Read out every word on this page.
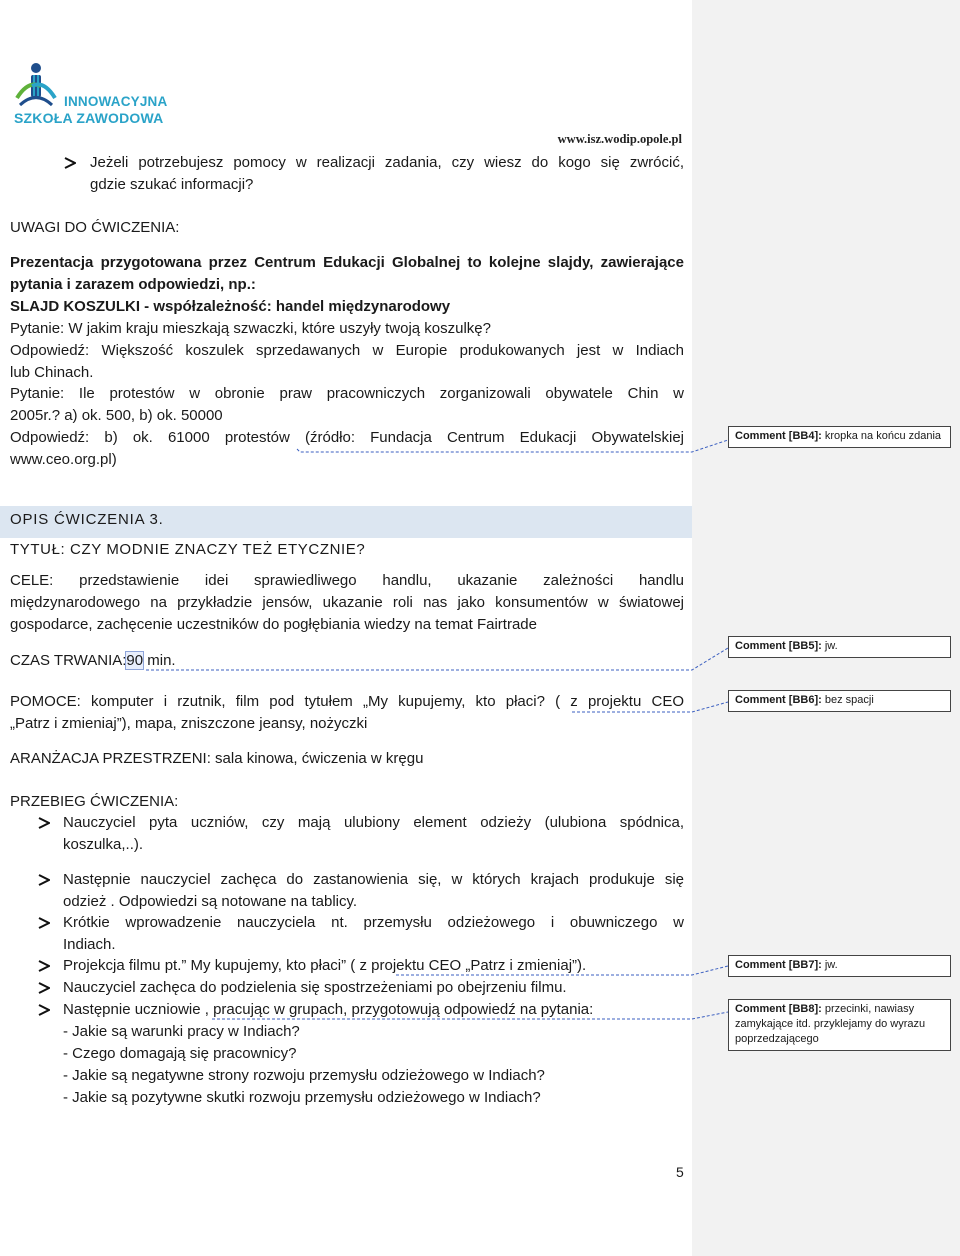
INNOWACYJNA
SZKOŁA ZAWODOWA
www.isz.wodip.opole.pl
Jeżeli potrzebujesz pomocy w realizacji zadania, czy wiesz do kogo się zwrócić,
gdzie szukać informacji?
UWAGI DO ĆWICZENIA:
Prezentacja przygotowana przez Centrum Edukacji Globalnej to kolejne slajdy, zawierające
pytania i zarazem odpowiedzi, np.:
SLAJD KOSZULKI - współzależność: handel międzynarodowy
Pytanie: W jakim kraju mieszkają szwaczki, które uszyły twoją koszulkę?
Odpowiedź: Większość koszulek sprzedawanych w Europie produkowanych jest w Indiach
lub Chinach.
Pytanie: Ile protestów w obronie praw pracowniczych zorganizowali obywatele Chin w
2005r.? a) ok. 500, b) ok. 50000
Odpowiedź: b) ok. 61000 protestów (źródło: Fundacja Centrum Edukacji Obywatelskiej
www.ceo.org.pl)
OPIS ĆWICZENIA 3.
TYTUŁ: CZY MODNIE ZNACZY TEŻ ETYCZNIE?
CELE: przedstawienie idei sprawiedliwego handlu, ukazanie zależności handlu
międzynarodowego na przykładzie jensów, ukazanie roli nas jako konsumentów w światowej
gospodarce, zachęcenie uczestników do pogłębiania wiedzy na temat Fairtrade
CZAS TRWANIA:90 min.
POMOCE: komputer i rzutnik, film pod tytułem „My kupujemy, kto płaci? ( z projektu CEO
„Patrz i zmieniaj”), mapa, zniszczone jeansy, nożyczki
ARANŻACJA PRZESTRZENI: sala kinowa, ćwiczenia w kręgu
PRZEBIEG ĆWICZENIA:
Nauczyciel pyta uczniów, czy mają ulubiony element odzieży (ulubiona spódnica,
koszulka,..).
Następnie nauczyciel zachęca do zastanowienia się, w których krajach produkuje się
odzież . Odpowiedzi są notowane na tablicy.
Krótkie wprowadzenie nauczyciela nt. przemysłu odzieżowego i obuwniczego w
Indiach.
Projekcja filmu pt.” My kupujemy, kto płaci” ( z projektu CEO „Patrz i zmieniaj”).
Nauczyciel zachęca do podzielenia się spostrzeżeniami po obejrzeniu filmu.
Następnie uczniowie , pracując w grupach, przygotowują odpowiedź na pytania:
- Jakie są warunki pracy w Indiach?
- Czego domagają się pracownicy?
- Jakie są negatywne strony rozwoju przemysłu odzieżowego w Indiach?
- Jakie są pozytywne skutki rozwoju przemysłu odzieżowego w Indiach?
Comment [BB4]: kropka na końcu zdania
Comment [BB5]: jw.
Comment [BB6]: bez spacji
Comment [BB7]: jw.
Comment [BB8]: przecinki, nawiasy zamykające itd. przyklejamy do wyrazu poprzedzającego
5
